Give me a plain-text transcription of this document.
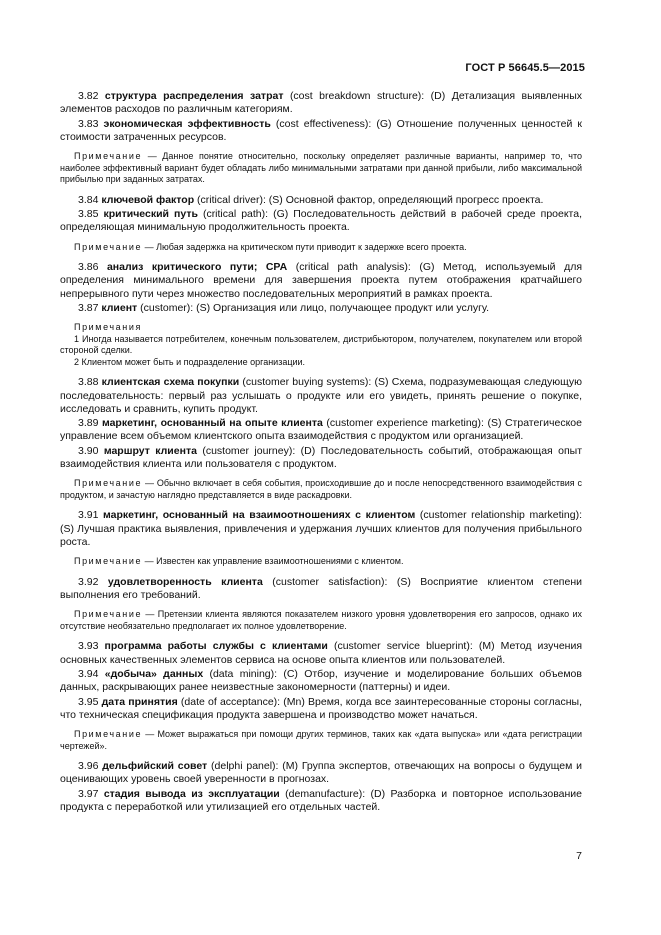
ГОСТ Р 56645.5—2015

3.82 структура распределения затрат (cost breakdown structure): (D) Детализация выявленных элементов расходов по различным категориям.

3.83 экономическая эффективность (cost effectiveness): (G) Отношение полученных ценностей к стоимости затраченных ресурсов.

Примечание — Данное понятие относительно, поскольку определяет различные варианты, например то, что наиболее эффективный вариант будет обладать либо минимальными затратами при данной прибыли, либо максимальной прибылью при заданных затратах.

3.84 ключевой фактор (critical driver): (S) Основной фактор, определяющий прогресс проекта.

3.85 критический путь (critical path): (G) Последовательность действий в рабочей среде проекта, определяющая минимальную продолжительность проекта.

Примечание — Любая задержка на критическом пути приводит к задержке всего проекта.

3.86 анализ критического пути; CPA (critical path analysis): (G) Метод, используемый для определения минимального времени для завершения проекта путем отображения кратчайшего непрерывного пути через множество последовательных мероприятий в рамках проекта.

3.87 клиент (customer): (S) Организация или лицо, получающее продукт или услугу.

Примечания

1 Иногда называется потребителем, конечным пользователем, дистрибьютором, получателем, покупателем или второй стороной сделки.

2 Клиентом может быть и подразделение организации.

3.88 клиентская схема покупки (customer buying systems): (S) Схема, подразумевающая следующую последовательность: первый раз услышать о продукте или его увидеть, принять решение о покупке, исследовать и сравнить, купить продукт.

3.89 маркетинг, основанный на опыте клиента (customer experience marketing): (S) Стратегическое управление всем объемом клиентского опыта взаимодействия с продуктом или организацией.

3.90 маршрут клиента (customer journey): (D) Последовательность событий, отображающая опыт взаимодействия клиента или пользователя с продуктом.

Примечание — Обычно включает в себя события, происходившие до и после непосредственного взаимодействия с продуктом, и зачастую наглядно представляется в виде раскадровки.

3.91 маркетинг, основанный на взаимоотношениях с клиентом (customer relationship marketing): (S) Лучшая практика выявления, привлечения и удержания лучших клиентов для получения прибыльного роста.

Примечание — Известен как управление взаимоотношениями с клиентом.

3.92 удовлетворенность клиента (customer satisfaction): (S) Восприятие клиентом степени выполнения его требований.

Примечание — Претензии клиента являются показателем низкого уровня удовлетворения его запросов, однако их отсутствие необязательно предполагает их полное удовлетворение.

3.93 программа работы службы с клиентами (customer service blueprint): (M) Метод изучения основных качественных элементов сервиса на основе опыта клиентов или пользователей.

3.94 «добыча» данных (data mining): (C) Отбор, изучение и моделирование больших объемов данных, раскрывающих ранее неизвестные закономерности (паттерны) и идеи.

3.95 дата принятия (date of acceptance): (Mn) Время, когда все заинтересованные стороны согласны, что техническая спецификация продукта завершена и производство может начаться.

Примечание — Может выражаться при помощи других терминов, таких как «дата выпуска» или «дата регистрации чертежей».

3.96 дельфийский совет (delphi panel): (M) Группа экспертов, отвечающих на вопросы о будущем и оценивающих уровень своей уверенности в прогнозах.

3.97 стадия вывода из эксплуатации (demanufacture): (D) Разборка и повторное использование продукта с переработкой или утилизацией его отдельных частей.

7
